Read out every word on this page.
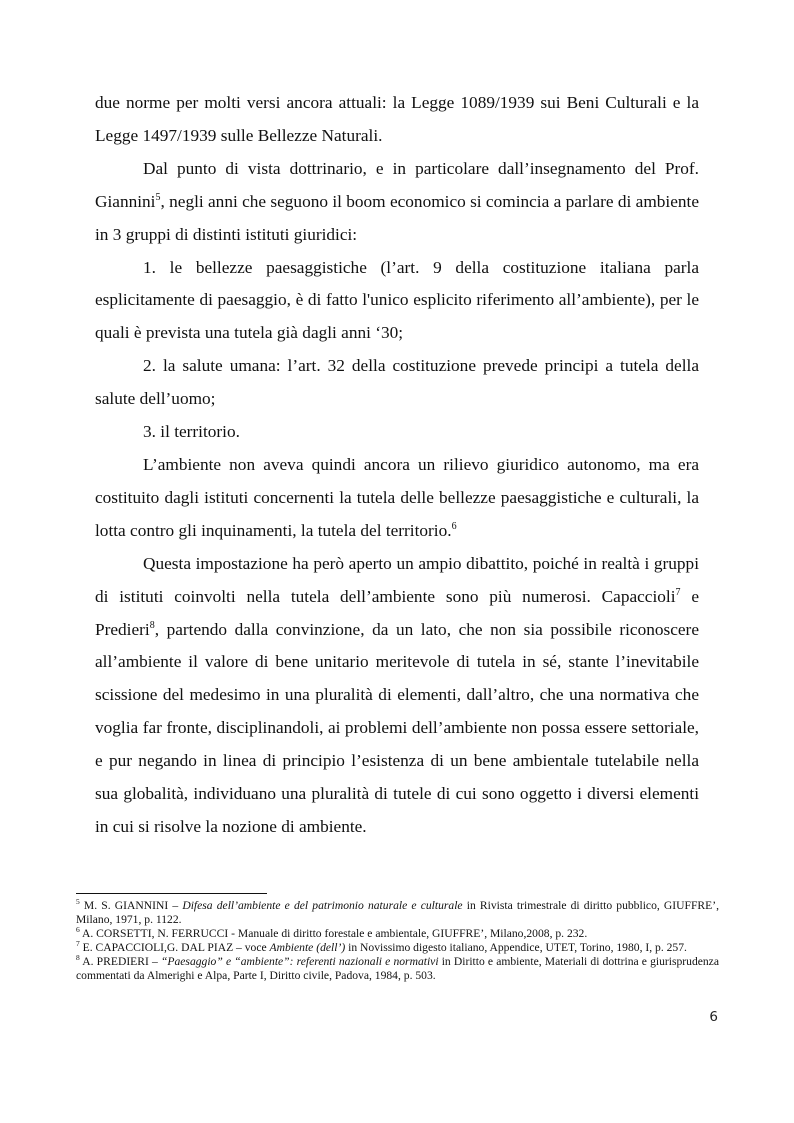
due norme per molti versi ancora attuali: la Legge 1089/1939 sui Beni Culturali e la Legge 1497/1939 sulle Bellezze Naturali.

Dal punto di vista dottrinario, e in particolare dall’insegnamento del Prof. Giannini$^5$, negli anni che seguono il boom economico si comincia a parlare di ambiente in 3 gruppi di distinti istituti giuridici:

1. le bellezze paesaggistiche (l’art. 9 della costituzione italiana parla esplicitamente di paesaggio, è di fatto l'unico esplicito riferimento all’ambiente), per le quali è prevista una tutela già dagli anni ‘30;

2. la salute umana: l’art. 32 della costituzione prevede principi a tutela della salute dell’uomo;

3. il territorio.

L’ambiente non aveva quindi ancora un rilievo giuridico autonomo, ma era costituito dagli istituti concernenti la tutela delle bellezze paesaggistiche e culturali, la lotta contro gli inquinamenti, la tutela del territorio.$^6$

Questa impostazione ha però aperto un ampio dibattito, poiché in realtà i gruppi di istituti coinvolti nella tutela dell’ambiente sono più numerosi. Capaccioli$^7$ e Predieri$^8$, partendo dalla convinzione, da un lato, che non sia possibile riconoscere all’ambiente il valore di bene unitario meritevole di tutela in sé, stante l’inevitabile scissione del medesimo in una pluralità di elementi, dall’altro, che una normativa che voglia far fronte, disciplinandoli, ai problemi dell’ambiente non possa essere settoriale, e pur negando in linea di principio l’esistenza di un bene ambientale tutelabile nella sua globalità, individuano una pluralità di tutele di cui sono oggetto i diversi elementi in cui si risolve la nozione di ambiente.

$^5$ M. S. GIANNINI – Difesa dell’ambiente e del patrimonio naturale e culturale in Rivista trimestrale di diritto pubblico, GIUFFRE’, Milano, 1971, p. 1122.

$^6$ A. CORSETTI, N. FERRUCCI - Manuale di diritto forestale e ambientale, GIUFFRE’, Milano,2008, p. 232.

$^7$ E. CAPACCIOLI,G. DAL PIAZ – voce Ambiente (dell’) in Novissimo digesto italiano, Appendice, UTET, Torino, 1980, I, p. 257.

$^8$ A. PREDIERI – “Paesaggio” e “ambiente”: referenti nazionali e normativi in Diritto e ambiente, Materiali di dottrina e giurisprudenza commentati da Almerighi e Alpa, Parte I, Diritto civile, Padova, 1984, p. 503.

6
